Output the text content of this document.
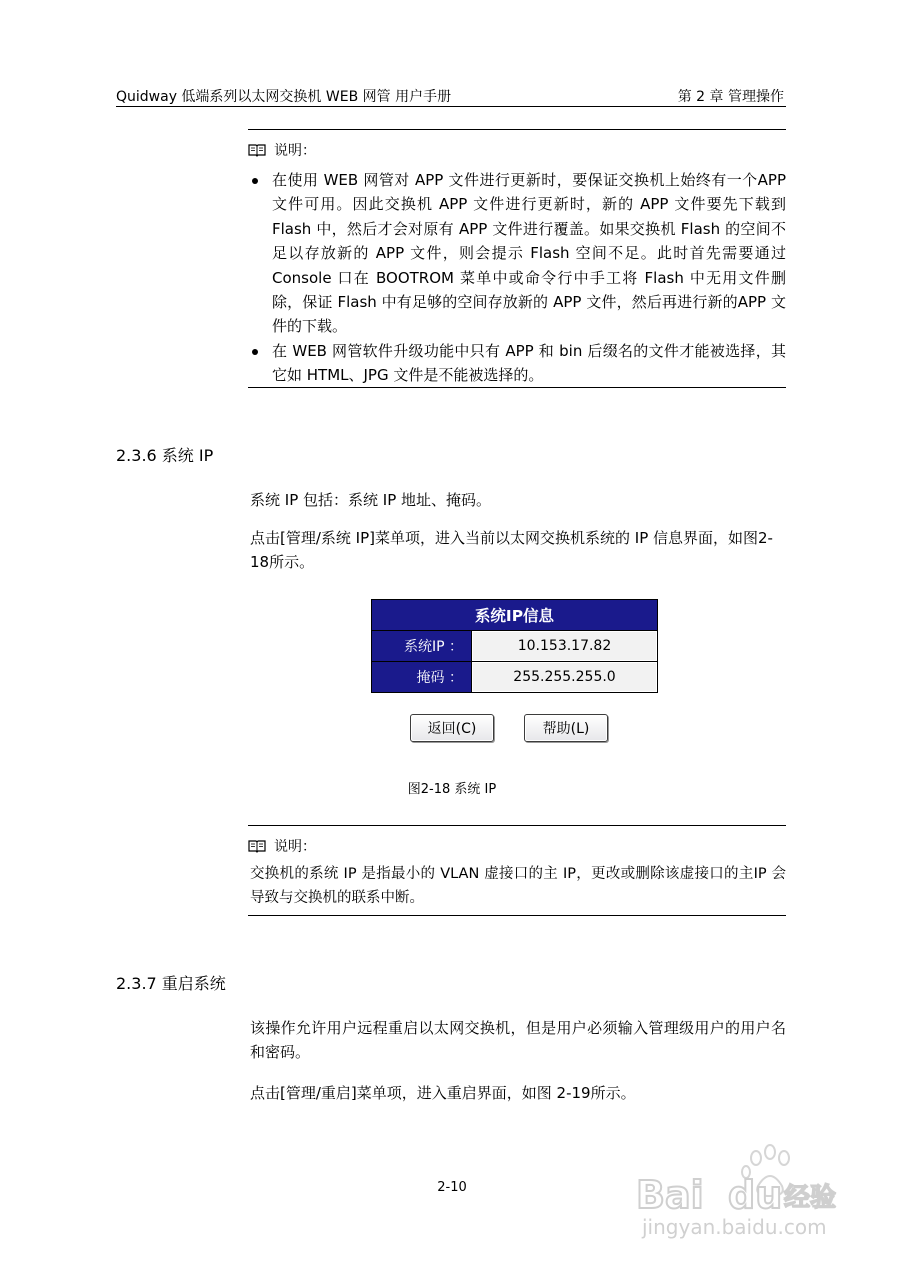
Quidway 低端系列以太网交换机 WEB 网管 用户手册	第 2 章 管理操作
说明：
在使用 WEB 网管对 APP 文件进行更新时，要保证交换机上始终有一个APP 文件可用。因此交换机 APP 文件进行更新时，新的 APP 文件要先下载到 Flash 中，然后才会对原有 APP 文件进行覆盖。如果交换机 Flash 的空间不足以存放新的 APP 文件，则会提示 Flash 空间不足。此时首先需要通过 Console 口在 BOOTROM 菜单中或命令行中手工将 Flash 中无用文件删除，保证 Flash 中有足够的空间存放新的 APP 文件，然后再进行新的APP 文件的下载。
在 WEB 网管软件升级功能中只有 APP 和 bin 后缀名的文件才能被选择，其它如 HTML、JPG 文件是不能被选择的。
2.3.6 系统 IP
系统 IP 包括：系统 IP 地址、掩码。
点击[管理/系统 IP]菜单项，进入当前以太网交换机系统的 IP 信息界面，如图2-18所示。
系统IP信息
系统IP ：	10.153.17.82
掩码 ：	255.255.255.0
返回(C)	帮助(L)
图2-18 系统 IP
说明：
交换机的系统 IP 是指最小的 VLAN 虚接口的主 IP，更改或删除该虚接口的主IP 会导致与交换机的联系中断。
2.3.7 重启系统
该操作允许用户远程重启以太网交换机，但是用户必须输入管理级用户的用户名和密码。
点击[管理/重启]菜单项，进入重启界面，如图 2-19所示。
2-10	Bai du 经验
jingyan.baidu.com
